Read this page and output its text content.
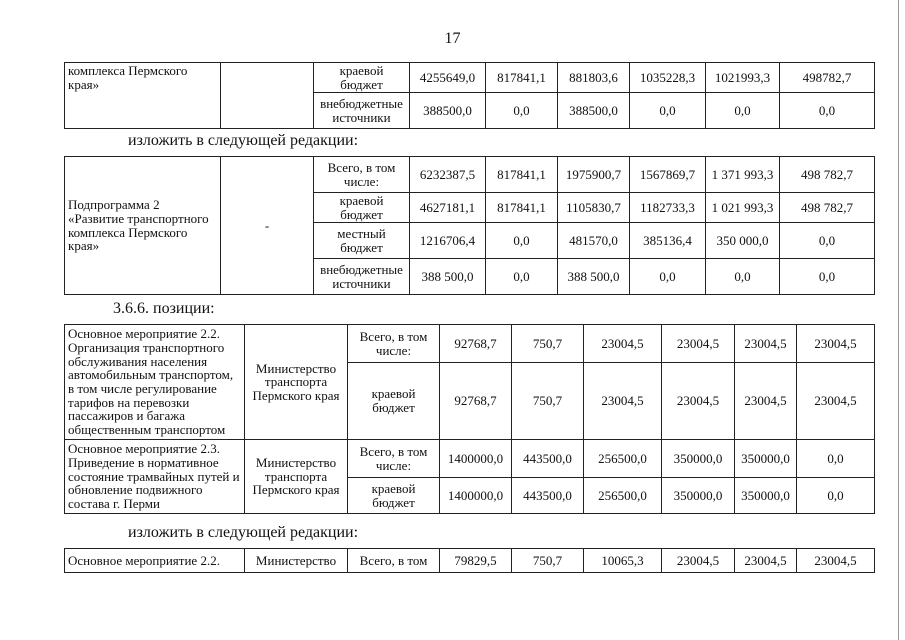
17
комплекса Пермского края»		краевой бюджет	4255649,0	817841,1	881803,6	1035228,3	1021993,3	498782,7
		внебюджетные источники	388500,0	0,0	388500,0	0,0	0,0	0,0
изложить в следующей редакции:
Подпрограмма 2 «Развитие транспортного комплекса Пермского края»	-	Всего, в том числе:	6232387,5	817841,1	1975900,7	1567869,7	1 371 993,3	498 782,7
		краевой бюджет	4627181,1	817841,1	1105830,7	1182733,3	1 021 993,3	498 782,7
		местный бюджет	1216706,4	0,0	481570,0	385136,4	350 000,0	0,0
		внебюджетные источники	388 500,0	0,0	388 500,0	0,0	0,0	0,0
3.6.6. позиции:
Основное мероприятие 2.2. Организация транспортного обслуживания населения автомобильным транспортом, в том числе регулирование тарифов на перевозки пассажиров и багажа общественным транспортом	Министерство транспорта Пермского края	Всего, в том числе:	92768,7	750,7	23004,5	23004,5	23004,5	23004,5
		краевой бюджет	92768,7	750,7	23004,5	23004,5	23004,5	23004,5
Основное мероприятие 2.3. Приведение в нормативное состояние трамвайных путей и обновление подвижного состава г. Перми	Министерство транспорта Пермского края	Всего, в том числе:	1400000,0	443500,0	256500,0	350000,0	350000,0	0,0
		краевой бюджет	1400000,0	443500,0	256500,0	350000,0	350000,0	0,0
изложить в следующей редакции:
Основное мероприятие 2.2.	Министерство	Всего, в том	79829,5	750,7	10065,3	23004,5	23004,5	23004,5
